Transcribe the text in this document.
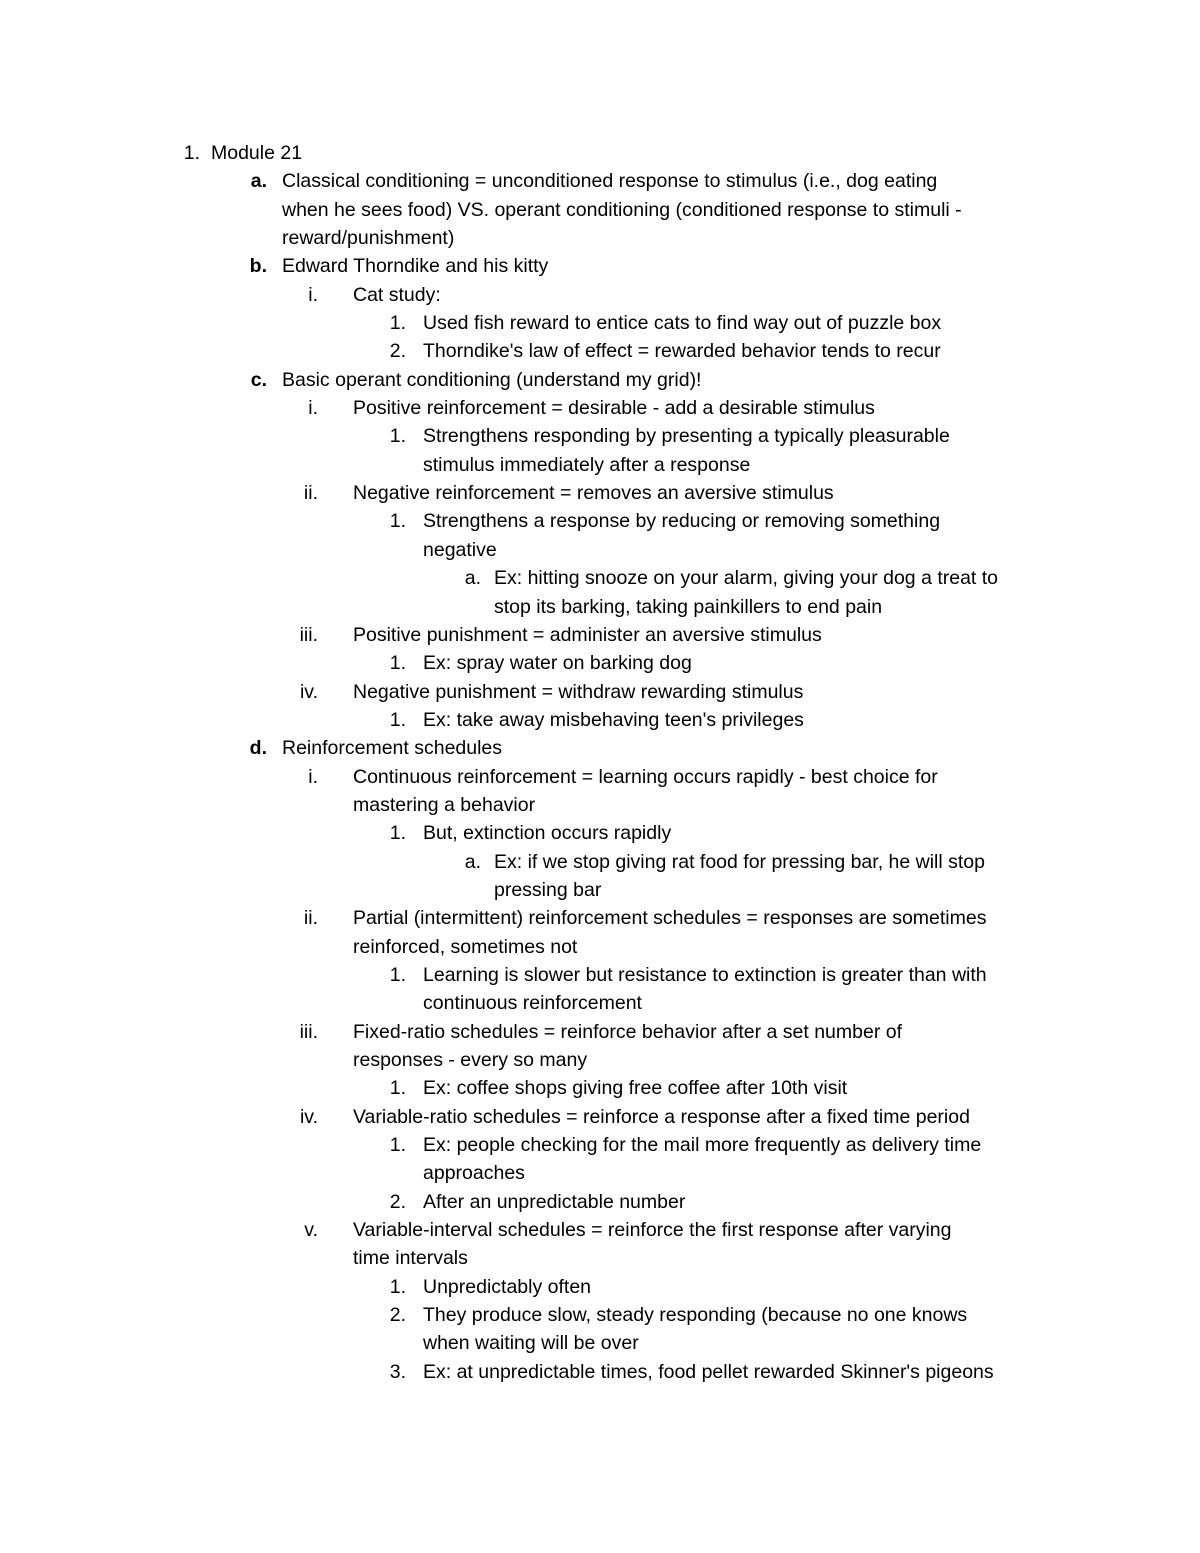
1. Module 21
a. Classical conditioning = unconditioned response to stimulus (i.e., dog eating
when he sees food) VS. operant conditioning (conditioned response to stimuli -
reward/punishment)
b. Edward Thorndike and his kitty
i. Cat study:
1. Used fish reward to entice cats to find way out of puzzle box
2. Thorndike's law of effect = rewarded behavior tends to recur
c. Basic operant conditioning (understand my grid)!
i. Positive reinforcement = desirable - add a desirable stimulus
1. Strengthens responding by presenting a typically pleasurable
stimulus immediately after a response
ii. Negative reinforcement = removes an aversive stimulus
1. Strengthens a response by reducing or removing something
negative
a. Ex: hitting snooze on your alarm, giving your dog a treat to
stop its barking, taking painkillers to end pain
iii. Positive punishment = administer an aversive stimulus
1. Ex: spray water on barking dog
iv. Negative punishment = withdraw rewarding stimulus
1. Ex: take away misbehaving teen's privileges
d. Reinforcement schedules
i. Continuous reinforcement = learning occurs rapidly - best choice for
mastering a behavior
1. But, extinction occurs rapidly
a. Ex: if we stop giving rat food for pressing bar, he will stop
pressing bar
ii. Partial (intermittent) reinforcement schedules = responses are sometimes
reinforced, sometimes not
1. Learning is slower but resistance to extinction is greater than with
continuous reinforcement
iii. Fixed-ratio schedules = reinforce behavior after a set number of
responses - every so many
1. Ex: coffee shops giving free coffee after 10th visit
iv. Variable-ratio schedules = reinforce a response after a fixed time period
1. Ex: people checking for the mail more frequently as delivery time
approaches
2. After an unpredictable number
v. Variable-interval schedules = reinforce the first response after varying
time intervals
1. Unpredictably often
2. They produce slow, steady responding (because no one knows
when waiting will be over
3. Ex: at unpredictable times, food pellet rewarded Skinner's pigeons
